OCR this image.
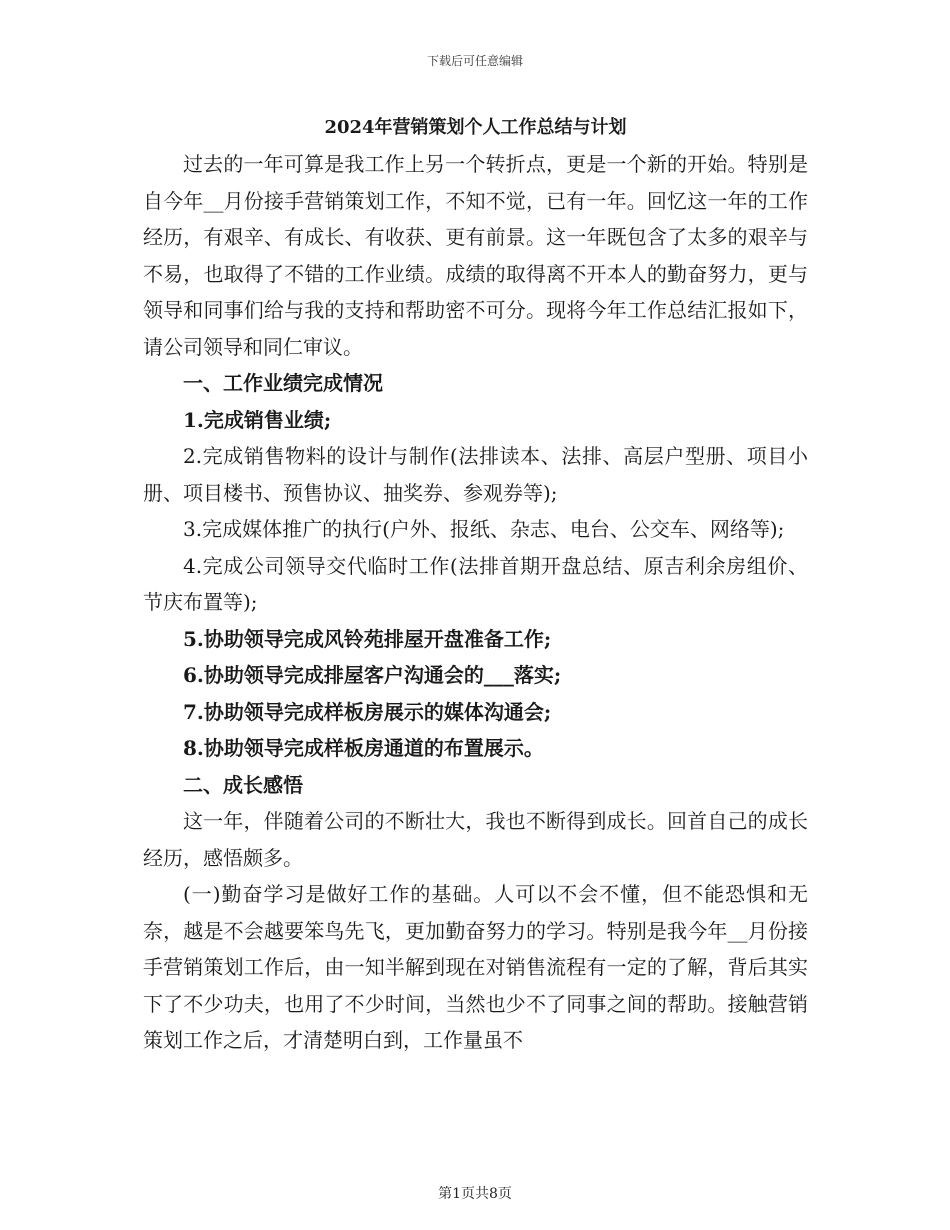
下载后可任意编辑
2024年营销策划个人工作总结与计划

过去的一年可算是我工作上另一个转折点，更是一个新的开始。特别是自今年__月份接手营销策划工作，不知不觉，已有一年。回忆这一年的工作经历，有艰辛、有成长、有收获、更有前景。这一年既包含了太多的艰辛与不易，也取得了不错的工作业绩。成绩的取得离不开本人的勤奋努力，更与领导和同事们给与我的支持和帮助密不可分。现将今年工作总结汇报如下，请公司领导和同仁审议。

一、工作业绩完成情况

1.完成销售业绩;

2.完成销售物料的设计与制作(法排读本、法排、高层户型册、项目小册、项目楼书、预售协议、抽奖券、参观券等);

3.完成媒体推广的执行(户外、报纸、杂志、电台、公交车、网络等);

4.完成公司领导交代临时工作(法排首期开盘总结、原吉利余房组价、节庆布置等);

5.协助领导完成风铃苑排屋开盘准备工作;

6.协助领导完成排屋客户沟通会的___落实;

7.协助领导完成样板房展示的媒体沟通会;

8.协助领导完成样板房通道的布置展示。

二、成长感悟

这一年，伴随着公司的不断壮大，我也不断得到成长。回首自己的成长经历，感悟颇多。

(一)勤奋学习是做好工作的基础。人可以不会不懂，但不能恐惧和无奈，越是不会越要笨鸟先飞，更加勤奋努力的学习。特别是我今年__月份接手营销策划工作后，由一知半解到现在对销售流程有一定的了解，背后其实下了不少功夫，也用了不少时间，当然也少不了同事之间的帮助。接触营销策划工作之后，才清楚明白到，工作量虽不

第1页共8页
